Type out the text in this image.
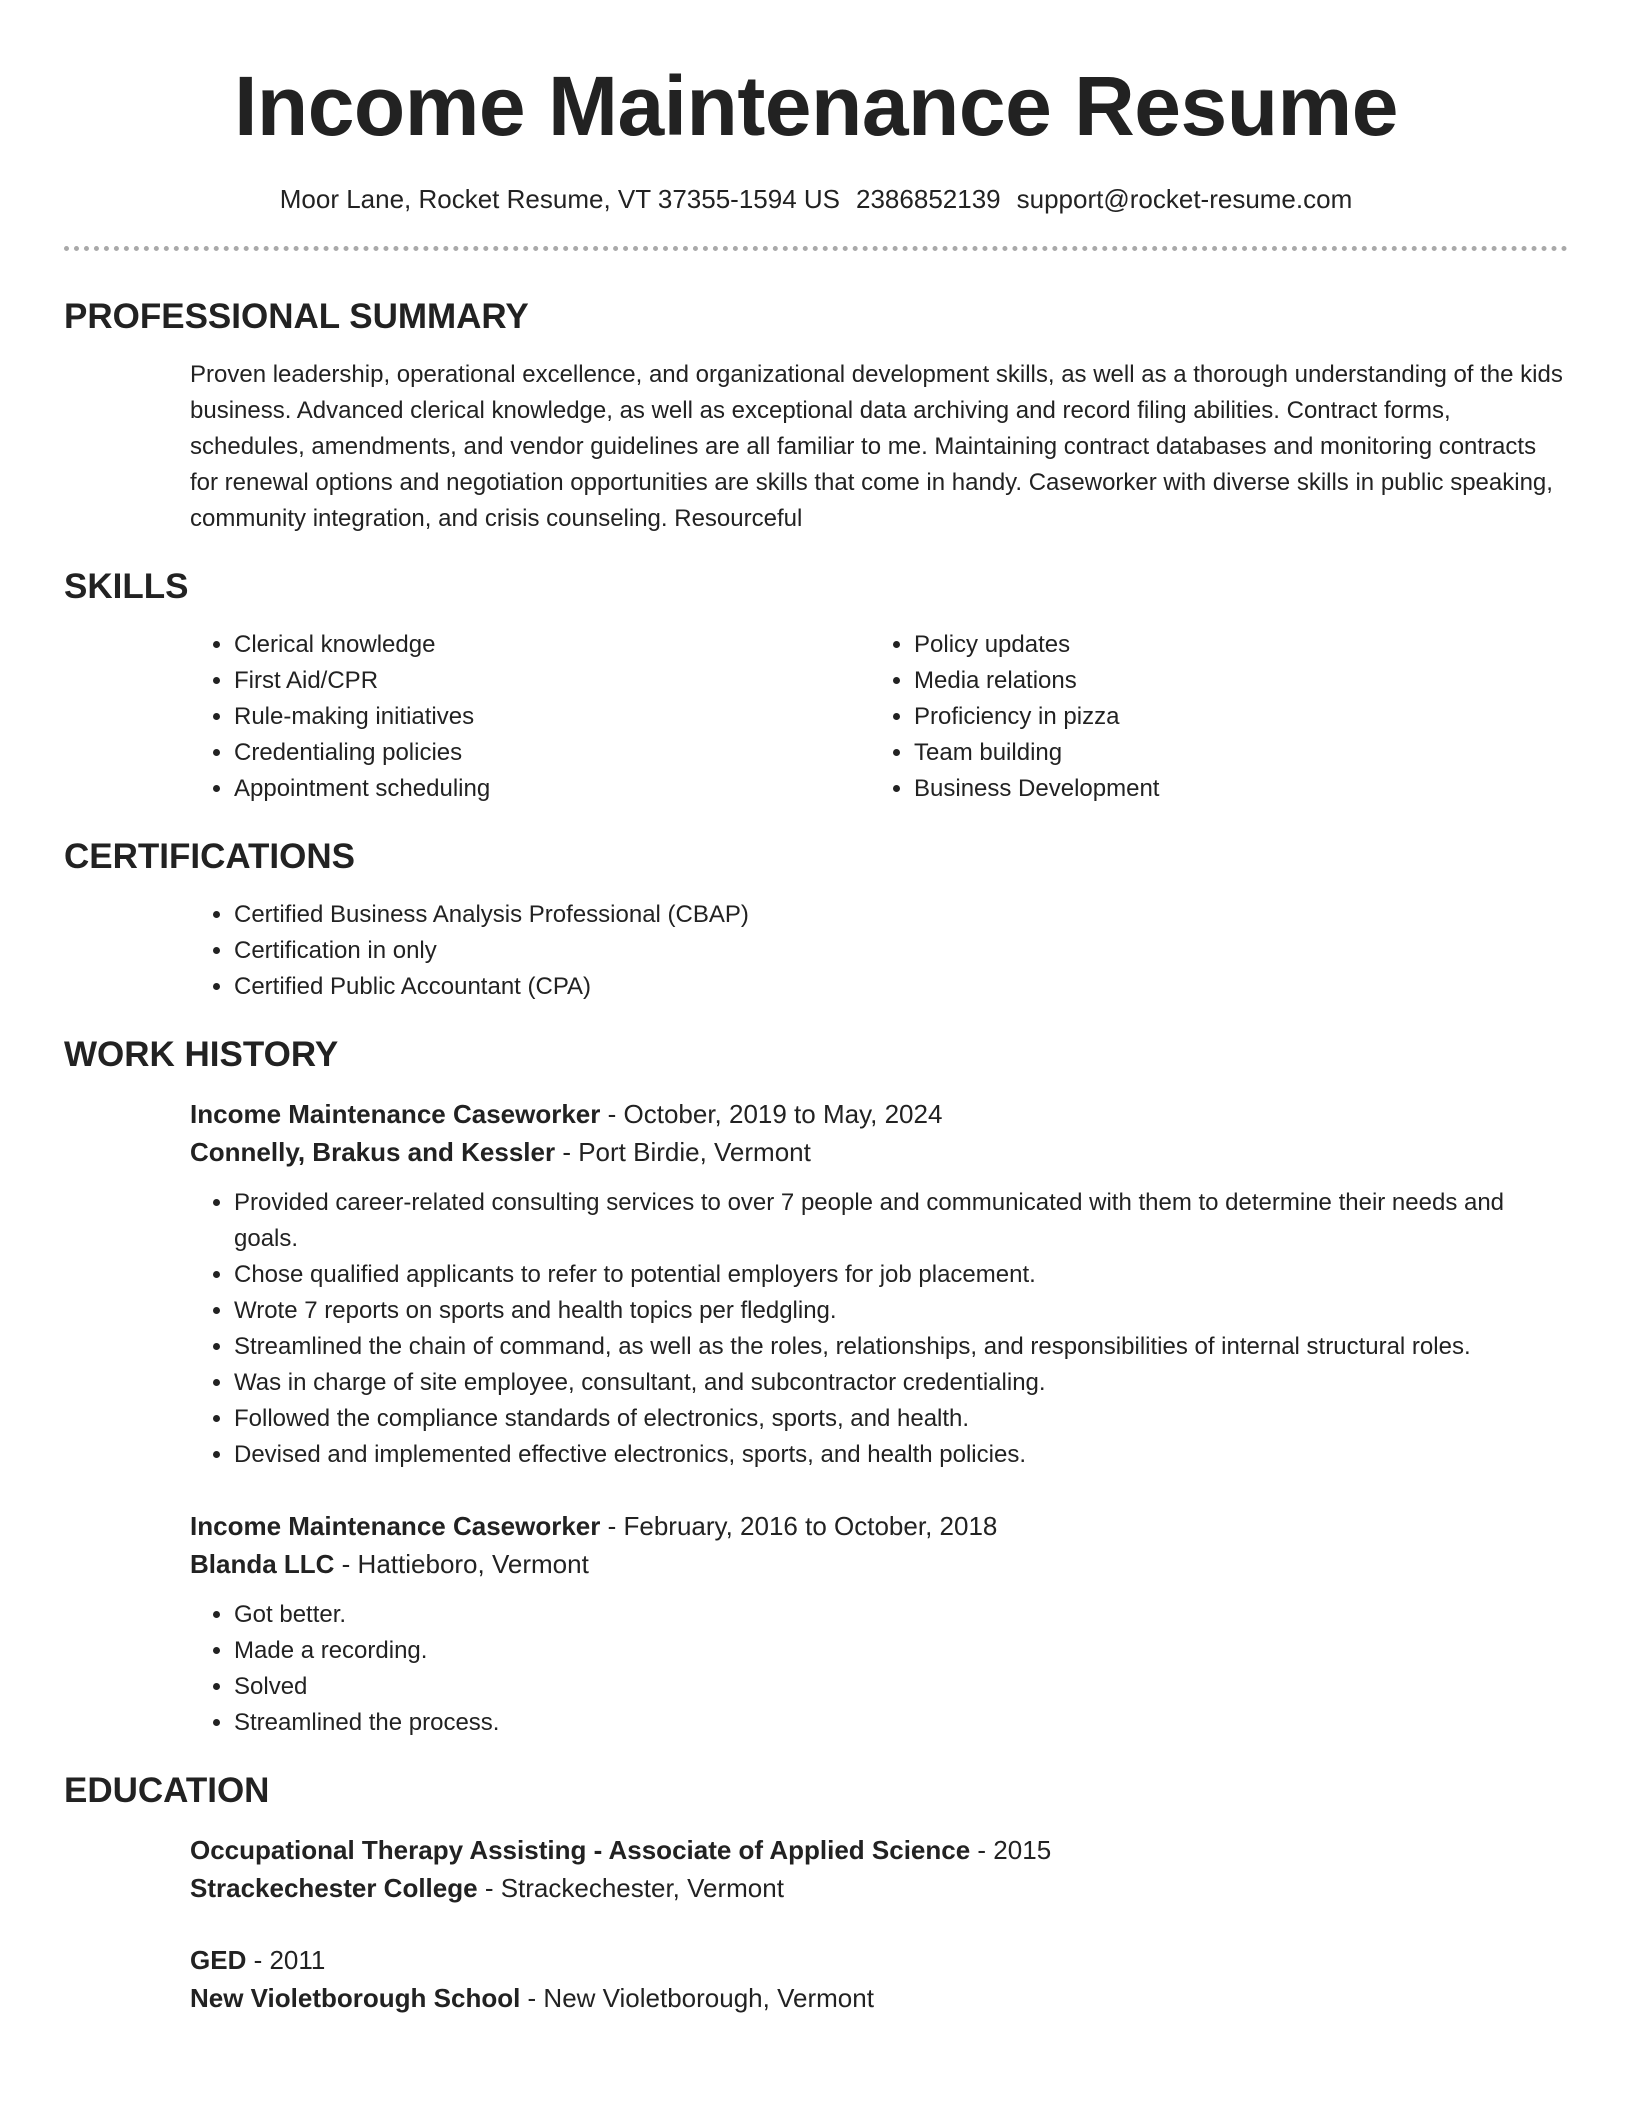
Income Maintenance Resume
Moor Lane, Rocket Resume, VT 37355-1594 US 2386852139 support@rocket-resume.com
PROFESSIONAL SUMMARY
Proven leadership, operational excellence, and organizational development skills, as well as a thorough understanding of the kids business. Advanced clerical knowledge, as well as exceptional data archiving and record filing abilities. Contract forms, schedules, amendments, and vendor guidelines are all familiar to me. Maintaining contract databases and monitoring contracts for renewal options and negotiation opportunities are skills that come in handy. Caseworker with diverse skills in public speaking, community integration, and crisis counseling. Resourceful
SKILLS
• Clerical knowledge
• First Aid/CPR
• Rule-making initiatives
• Credentialing policies
• Appointment scheduling
• Policy updates
• Media relations
• Proficiency in pizza
• Team building
• Business Development
CERTIFICATIONS
• Certified Business Analysis Professional (CBAP)
• Certification in only
• Certified Public Accountant (CPA)
WORK HISTORY
Income Maintenance Caseworker - October, 2019 to May, 2024
Connelly, Brakus and Kessler - Port Birdie, Vermont
• Provided career-related consulting services to over 7 people and communicated with them to determine their needs and goals.
• Chose qualified applicants to refer to potential employers for job placement.
• Wrote 7 reports on sports and health topics per fledgling.
• Streamlined the chain of command, as well as the roles, relationships, and responsibilities of internal structural roles.
• Was in charge of site employee, consultant, and subcontractor credentialing.
• Followed the compliance standards of electronics, sports, and health.
• Devised and implemented effective electronics, sports, and health policies.
Income Maintenance Caseworker - February, 2016 to October, 2018
Blanda LLC - Hattieboro, Vermont
• Got better.
• Made a recording.
• Solved
• Streamlined the process.
EDUCATION
Occupational Therapy Assisting - Associate of Applied Science - 2015
Strackechester College - Strackechester, Vermont
GED - 2011
New Violetborough School - New Violetborough, Vermont
